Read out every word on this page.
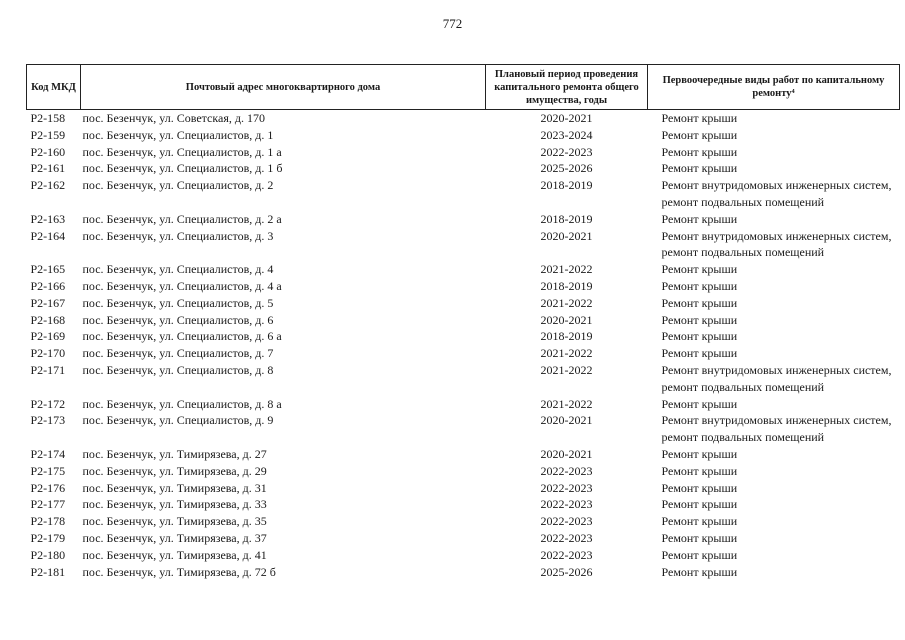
772
Код МКД	Почтовый адрес многоквартирного дома	Плановый период проведения капитального ремонта общего имущества, годы	Первоочередные виды работ по капитальному ремонту⁴
Р2-158	пос. Безенчук, ул. Советская, д. 170	2020-2021	Ремонт крыши

Р2-159	пос. Безенчук, ул. Специалистов, д. 1	2023-2024	Ремонт крыши

Р2-160	пос. Безенчук, ул. Специалистов, д. 1 а	2022-2023	Ремонт крыши

Р2-161	пос. Безенчук, ул. Специалистов, д. 1 б	2025-2026	Ремонт крыши

Р2-162	пос. Безенчук, ул. Специалистов, д. 2	2018-2019	Ремонт внутридомовых инженерных систем,
ремонт подвальных помещений

Р2-163	пос. Безенчук, ул. Специалистов, д. 2 а	2018-2019	Ремонт крыши

Р2-164	пос. Безенчук, ул. Специалистов, д. 3	2020-2021	Ремонт внутридомовых инженерных систем,
ремонт подвальных помещений

Р2-165	пос. Безенчук, ул. Специалистов, д. 4	2021-2022	Ремонт крыши

Р2-166	пос. Безенчук, ул. Специалистов, д. 4 а	2018-2019	Ремонт крыши

Р2-167	пос. Безенчук, ул. Специалистов, д. 5	2021-2022	Ремонт крыши

Р2-168	пос. Безенчук, ул. Специалистов, д. 6	2020-2021	Ремонт крыши

Р2-169	пос. Безенчук, ул. Специалистов, д. 6 а	2018-2019	Ремонт крыши

Р2-170	пос. Безенчук, ул. Специалистов, д. 7	2021-2022	Ремонт крыши

Р2-171	пос. Безенчук, ул. Специалистов, д. 8	2021-2022	Ремонт внутридомовых инженерных систем,
ремонт подвальных помещений

Р2-172	пос. Безенчук, ул. Специалистов, д. 8 а	2021-2022	Ремонт крыши

Р2-173	пос. Безенчук, ул. Специалистов, д. 9	2020-2021	Ремонт внутридомовых инженерных систем,
ремонт подвальных помещений

Р2-174	пос. Безенчук, ул. Тимирязева, д. 27	2020-2021	Ремонт крыши

Р2-175	пос. Безенчук, ул. Тимирязева, д. 29	2022-2023	Ремонт крыши

Р2-176	пос. Безенчук, ул. Тимирязева, д. 31	2022-2023	Ремонт крыши

Р2-177	пос. Безенчук, ул. Тимирязева, д. 33	2022-2023	Ремонт крыши

Р2-178	пос. Безенчук, ул. Тимирязева, д. 35	2022-2023	Ремонт крыши

Р2-179	пос. Безенчук, ул. Тимирязева, д. 37	2022-2023	Ремонт крыши

Р2-180	пос. Безенчук, ул. Тимирязева, д. 41	2022-2023	Ремонт крыши

Р2-181	пос. Безенчук, ул. Тимирязева, д. 72 б	2025-2026	Ремонт крыши
